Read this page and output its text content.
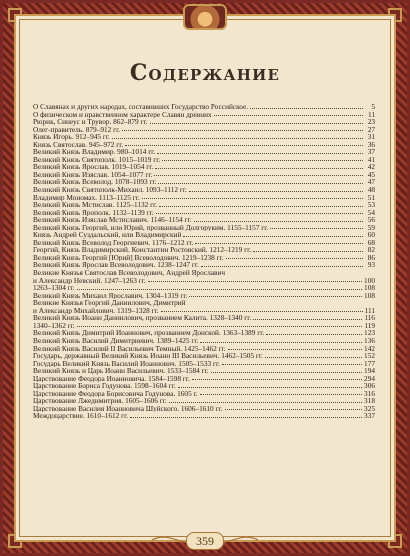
Содержание
О Славянах и других народах, составивших Государство Российское.	5
О физическом и нравственном характере Славян древних	11
Рюрик, Синеус и Трувор. 862–879 гг.	23
Олег-правитель. 879–912 гг.	27
Князь Игорь. 912–945 гг.	31
Князь Святослав. 945–972 гг.	36
Великий Князь Владимир. 980–1014 гг.	37
Великий Князь Святополк. 1015–1019 гг.	41
Великий Князь Ярослав. 1019–1054 гг.	42
Великий Князь Изяслав. 1054–1077 гг.	45
Великий Князь Всеволод. 1078–1093 гг.	47
Великий Князь Святополк-Михаил. 1093–1112 гг.	48
Владимир Мономах. 1113–1125 гг.	51
Великий Князь Мстислав. 1125–1132 гг.	53
Великий Князь Ярополк. 1132–1139 гг.	54
Великий Князь Изяслав Мстиславич. 1146–1154 гг.	56
Великий Князь Георгий, или Юрий, прозванный Долгоруким. 1155–1157 гг.	59
Князь Андрей Суздальский, или Владимирский	60
Великий Князь Всеволод Георгиевич. 1176–1212 гг.	68
Георгий, Князь Владимирский. Константин Ростовский. 1212–1219 гг.	82
Великий Князь Георгий [Юрий] Всеволодович. 1219–1238 гг.	86
Великий Князь Ярослав Всеволодович. 1238–1247 гг.	93
Великие Князья Святослав Всеволодович, Андрей Ярославич
и Александр Невский. 1247–1263 гг.	100
1263–1304 гг.	108
Великий Князь Михаил Ярославич. 1304–1319 гг.	108
Великие Князья Георгий Даниилович, Димитрий
и Александр Михайлович. 1319–1328 гг.	111
Великий Князь Иоанн Даниилович, прозванием Калита. 1328–1340 гг.	116
1340–1362 гг.	119
Великий Князь Димитрий Иоаннович, прозванием Донской. 1363–1389 гг.	123
Великий Князь Василий Димитриевич. 1389–1425 гг.	136
Великий Князь Василий II Васильевич Темный. 1425–1462 гг.	142
Государь, державный Великий Князь Иоанн III Васильевич. 1462–1505 гг.	152
Государь Великий Князь Василий Иоаннович. 1505–1533 гг.	177
Великий Князь и Царь Иоанн Васильевич. 1533–1584 гг.	194
Царствование Феодора Иоанновича. 1584–1598 гг.	294
Царствование Бориса Годунова. 1598–1604 гг.	306
Царствование Феодора Борисовича Годунова. 1605 г.	316
Царствование Лжедимитрия. 1605–1606 гг.	318
Царствование Василия Иоанновича Шуйского. 1606–1610 гг.	325
Междоцарствие. 1610–1612 гг.	337
359
